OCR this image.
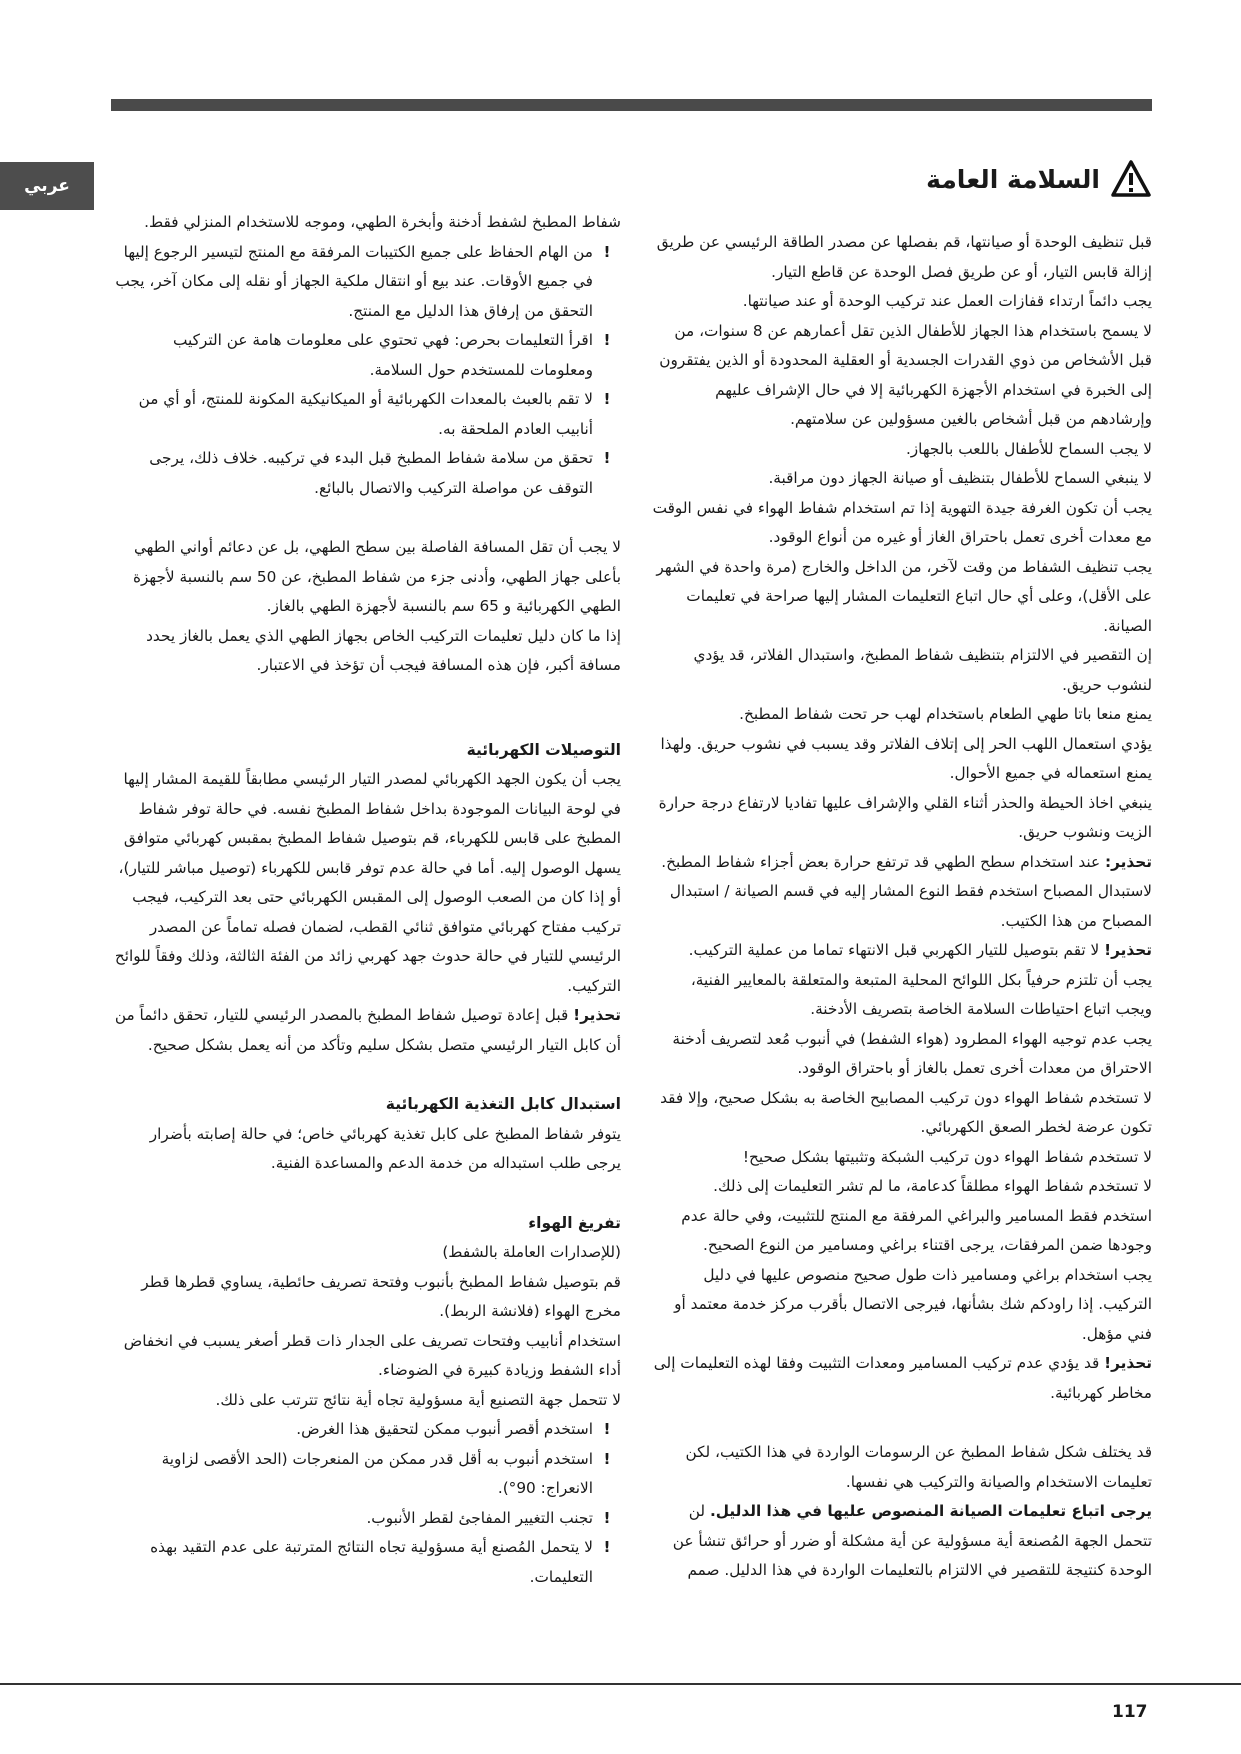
عربي	السلامة العامة

قبل تنظيف الوحدة أو صيانتها، قم بفصلها عن مصدر الطاقة الرئيسي عن طريق إزالة قابس التيار، أو عن طريق فصل الوحدة عن قاطع التيار.

يجب دائماً ارتداء قفازات العمل عند تركيب الوحدة أو عند صيانتها.

لا يسمح باستخدام هذا الجهاز للأطفال الذين تقل أعمارهم عن 8 سنوات، من قبل الأشخاص من ذوي القدرات الجسدية أو العقلية المحدودة أو الذين يفتقرون إلى الخبرة في استخدام الأجهزة الكهربائية إلا في حال الإشراف عليهم وإرشادهم من قبل أشخاص بالغين مسؤولين عن سلامتهم.

لا يجب السماح للأطفال باللعب بالجهاز.

لا ينبغي السماح للأطفال بتنظيف أو صيانة الجهاز دون مراقبة.

يجب أن تكون الغرفة جيدة التهوية إذا تم استخدام شفاط الهواء في نفس الوقت مع معدات أخرى تعمل باحتراق الغاز أو غيره من أنواع الوقود.

يجب تنظيف الشفاط من وقت لآخر، من الداخل والخارج (مرة واحدة في الشهر على الأقل)، وعلى أي حال اتباع التعليمات المشار إليها صراحة في تعليمات الصيانة.

إن التقصير في الالتزام بتنظيف شفاط المطبخ، واستبدال الفلاتر، قد يؤدي لنشوب حريق.

يمنع منعا باتا طهي الطعام باستخدام لهب حر تحت شفاط المطبخ.

يؤدي استعمال اللهب الحر إلى إتلاف الفلاتر وقد يسبب في نشوب حريق. ولهذا يمنع استعماله في جميع الأحوال.

ينبغي اخاذ الحيطة والحذر أثناء القلي والإشراف عليها تفاديا لارتفاع درجة حرارة الزيت ونشوب حريق.

تحذير: عند استخدام سطح الطهي قد ترتفع حرارة بعض أجزاء شفاط المطبخ.

لاستبدال المصباح استخدم فقط النوع المشار إليه في قسم الصيانة / استبدال المصباح من هذا الكتيب.

تحذير! لا تقم بتوصيل للتيار الكهربي قبل الانتهاء تماما من عملية التركيب.

يجب أن تلتزم حرفياً بكل اللوائح المحلية المتبعة والمتعلقة بالمعايير الفنية، ويجب اتباع احتياطات السلامة الخاصة بتصريف الأدخنة.

يجب عدم توجيه الهواء المطرود (هواء الشفط) في أنبوب مُعد لتصريف أدخنة الاحتراق من معدات أخرى تعمل بالغاز أو باحتراق الوقود.

لا تستخدم شفاط الهواء دون تركيب المصابيح الخاصة به بشكل صحيح، وإلا فقد تكون عرضة لخطر الصعق الكهربائي.

لا تستخدم شفاط الهواء دون تركيب الشبكة وتثبيتها بشكل صحيح!

لا تستخدم شفاط الهواء مطلقاً كدعامة، ما لم تشر التعليمات إلى ذلك.

استخدم فقط المسامير والبراغي المرفقة مع المنتج للتثبيت، وفي حالة عدم وجودها ضمن المرفقات، يرجى اقتناء براغي ومسامير من النوع الصحيح.

يجب استخدام براغي ومسامير ذات طول صحيح منصوص عليها في دليل التركيب. إذا راودكم شك بشأنها، فيرجى الاتصال بأقرب مركز خدمة معتمد أو فني مؤهل.

تحذير! قد يؤدي عدم تركيب المسامير ومعدات التثبيت وفقا لهذه التعليمات إلى مخاطر كهربائية.

قد يختلف شكل شفاط المطبخ عن الرسومات الواردة في هذا الكتيب، لكن تعليمات الاستخدام والصيانة والتركيب هي نفسها.

يرجى اتباع تعليمات الصيانة المنصوص عليها في هذا الدليل. لن تتحمل الجهة المُصنعة أية مسؤولية عن أية مشكلة أو ضرر أو حرائق تنشأ عن الوحدة كنتيجة للتقصير في الالتزام بالتعليمات الواردة في هذا الدليل. صمم

شفاط المطبخ لشفط أدخنة وأبخرة الطهي، وموجه للاستخدام المنزلي فقط.

!
من الهام الحفاظ على جميع الكتيبات المرفقة مع المنتج لتيسير الرجوع إليها في جميع الأوقات. عند بيع أو انتقال ملكية الجهاز أو نقله إلى مكان آخر، يجب التحقق من إرفاق هذا الدليل مع المنتج.
!
اقرأ التعليمات بحرص: فهي تحتوي على معلومات هامة عن التركيب ومعلومات للمستخدم حول السلامة.
!
لا تقم بالعبث بالمعدات الكهربائية أو الميكانيكية المكونة للمنتج، أو أي من أنابيب العادم الملحقة به.
!
تحقق من سلامة شفاط المطبخ قبل البدء في تركيبه. خلاف ذلك، يرجى التوقف عن مواصلة التركيب والاتصال بالبائع.

لا يجب أن تقل المسافة الفاصلة بين سطح الطهي، بل عن دعائم أواني الطهي بأعلى جهاز الطهي، وأدنى جزء من شفاط المطبخ، عن 50 سم بالنسبة لأجهزة الطهي الكهربائية و 65 سم بالنسبة لأجهزة الطهي بالغاز.

إذا ما كان دليل تعليمات التركيب الخاص بجهاز الطهي الذي يعمل بالغاز يحدد مسافة أكبر، فإن هذه المسافة فيجب أن تؤخذ في الاعتبار.

التوصيلات الكهربائية

يجب أن يكون الجهد الكهربائي لمصدر التيار الرئيسي مطابقاً للقيمة المشار إليها في لوحة البيانات الموجودة بداخل شفاط المطبخ نفسه. في حالة توفر شفاط المطبخ على قابس للكهرباء، قم بتوصيل شفاط المطبخ بمقبس كهربائي متوافق يسهل الوصول إليه. أما في حالة عدم توفر قابس للكهرباء (توصيل مباشر للتيار)، أو إذا كان من الصعب الوصول إلى المقبس الكهربائي حتى بعد التركيب، فيجب تركيب مفتاح كهربائي متوافق ثنائي القطب، لضمان فصله تماماً عن المصدر الرئيسي للتيار في حالة حدوث جهد كهربي زائد من الفئة الثالثة، وذلك وفقاً للوائح التركيب.

تحذير! قبل إعادة توصيل شفاط المطبخ بالمصدر الرئيسي للتيار، تحقق دائماً من أن كابل التيار الرئيسي متصل بشكل سليم وتأكد من أنه يعمل بشكل صحيح.

استبدال كابل التغذية الكهربائية

يتوفر شفاط المطبخ على كابل تغذية كهربائي خاص؛ في حالة إصابته بأضرار يرجى طلب استبداله من خدمة الدعم والمساعدة الفنية.

تفريغ الهواء

(للإصدارات العاملة بالشفط)

قم بتوصيل شفاط المطبخ بأنبوب وفتحة تصريف حائطية، يساوي قطرها قطر مخرج الهواء (فلانشة الربط).

استخدام أنابيب وفتحات تصريف على الجدار ذات قطر أصغر يسبب في انخفاض أداء الشفط وزيادة كبيرة في الضوضاء.

لا تتحمل جهة التصنيع أية مسؤولية تجاه أية نتائج تترتب على ذلك.

!
استخدم أقصر أنبوب ممكن لتحقيق هذا الغرض.
!
استخدم أنبوب به أقل قدر ممكن من المنعرجات (الحد الأقصى لزاوية الانعراج: 90°).
!
تجنب التغيير المفاجئ لقطر الأنبوب.
!
لا يتحمل المُصنع أية مسؤولية تجاه النتائج المترتبة على عدم التقيد بهذه التعليمات.
117
